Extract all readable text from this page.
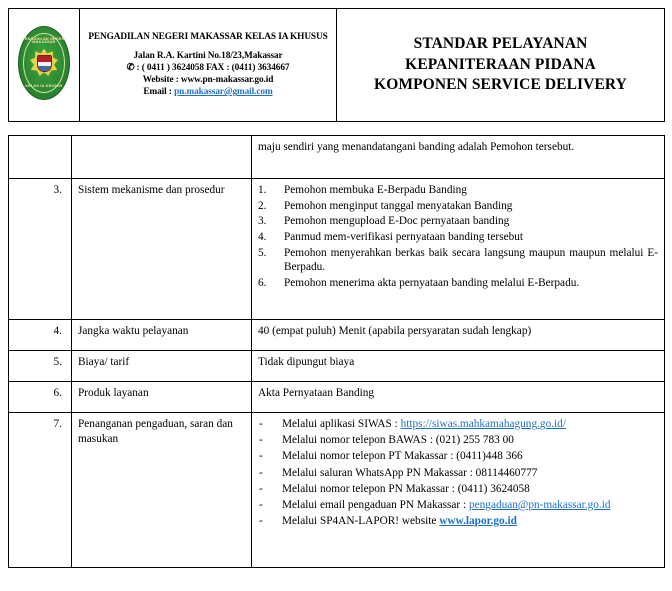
PENGADILAN NEGERI MAKASSAR
KELAS IA KHUSUS

PENGADILAN NEGERI MAKASSAR KELAS IA KHUSUS

Jalan R.A. Kartini No.18/23,Makassar

✆ : ( 0411 ) 3624058 FAX : (0411) 3634667

Website : www.pn-makassar.go.id

Email : pn.makassar@gmail.com

STANDAR PELAYANAN

KEPANITERAAN PIDANA

KOMPONEN SERVICE DELIVERY

		maju sendiri yang menandatangani banding adalah Pemohon tersebut.
3.	Sistem mekanisme dan prosedur	1.	Pemohon membuka E-Berpadu Banding
2.	Pemohon menginput tanggal menyatakan Banding
3.	Pemohon mengupload E-Doc pernyataan banding
4.	Panmud mem-verifikasi pernyataan banding tersebut
5.	Pemohon menyerahkan berkas baik secara langsung maupun maupun melalui E-Berpadu.
6.	Pemohon menerima akta pernyataan banding melalui E-Berpadu.

4.	Jangka waktu pelayanan	40 (empat puluh) Menit (apabila persyaratan sudah lengkap)
5.	Biaya/ tarif	Tidak dipungut biaya
6.	Produk layanan	Akta Pernyataan Banding
7.	Penanganan pengaduan, saran dan masukan	
- Melalui aplikasi SIWAS : https://siwas.mahkamahagung.go.id/
- Melalui nomor telepon BAWAS : (021) 255 783 00
- Melalui nomor telepon PT Makassar : (0411)448 366
- Melalui saluran WhatsApp PN Makassar : 08114460777
- Melalui nomor telepon PN Makassar : (0411) 3624058
- Melalui email pengaduan PN Makassar : pengaduan@pn-makassar.go.id
- Melalui SP4AN-LAPOR! website www.lapor.go.id
